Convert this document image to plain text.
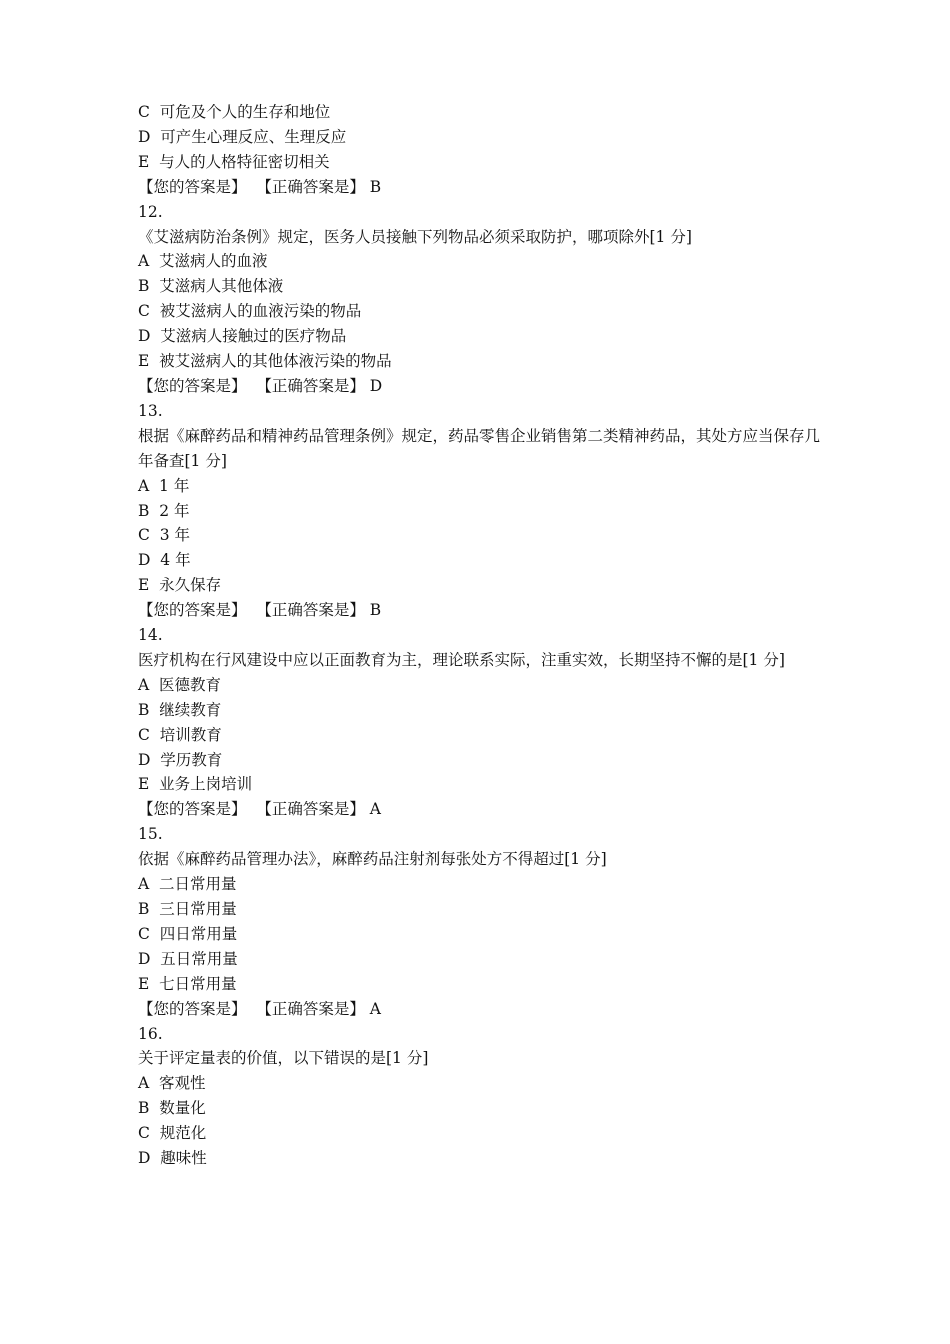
C  可危及个人的生存和地位

D  可产生心理反应、生理反应

E  与人的人格特征密切相关

【您的答案是】  【正确答案是】 B

12.

《艾滋病防治条例》规定，医务人员接触下列物品必须采取防护，哪项除外[1 分]

A  艾滋病人的血液

B  艾滋病人其他体液

C  被艾滋病人的血液污染的物品

D  艾滋病人接触过的医疗物品

E  被艾滋病人的其他体液污染的物品

【您的答案是】  【正确答案是】 D

13.

根据《麻醉药品和精神药品管理条例》规定，药品零售企业销售第二类精神药品，其处方应当保存几年备查[1 分]

A  1 年

B  2 年

C  3 年

D  4 年

E  永久保存

【您的答案是】  【正确答案是】 B

14.

医疗机构在行风建设中应以正面教育为主，理论联系实际，注重实效，长期坚持不懈的是[1 分]

A  医德教育

B  继续教育

C  培训教育

D  学历教育

E  业务上岗培训

【您的答案是】  【正确答案是】 A

15.

依据《麻醉药品管理办法》，麻醉药品注射剂每张处方不得超过[1 分]

A  二日常用量

B  三日常用量

C  四日常用量

D  五日常用量

E  七日常用量

【您的答案是】  【正确答案是】 A

16.

关于评定量表的价值，以下错误的是[1 分]

A  客观性

B  数量化

C  规范化

D  趣味性
